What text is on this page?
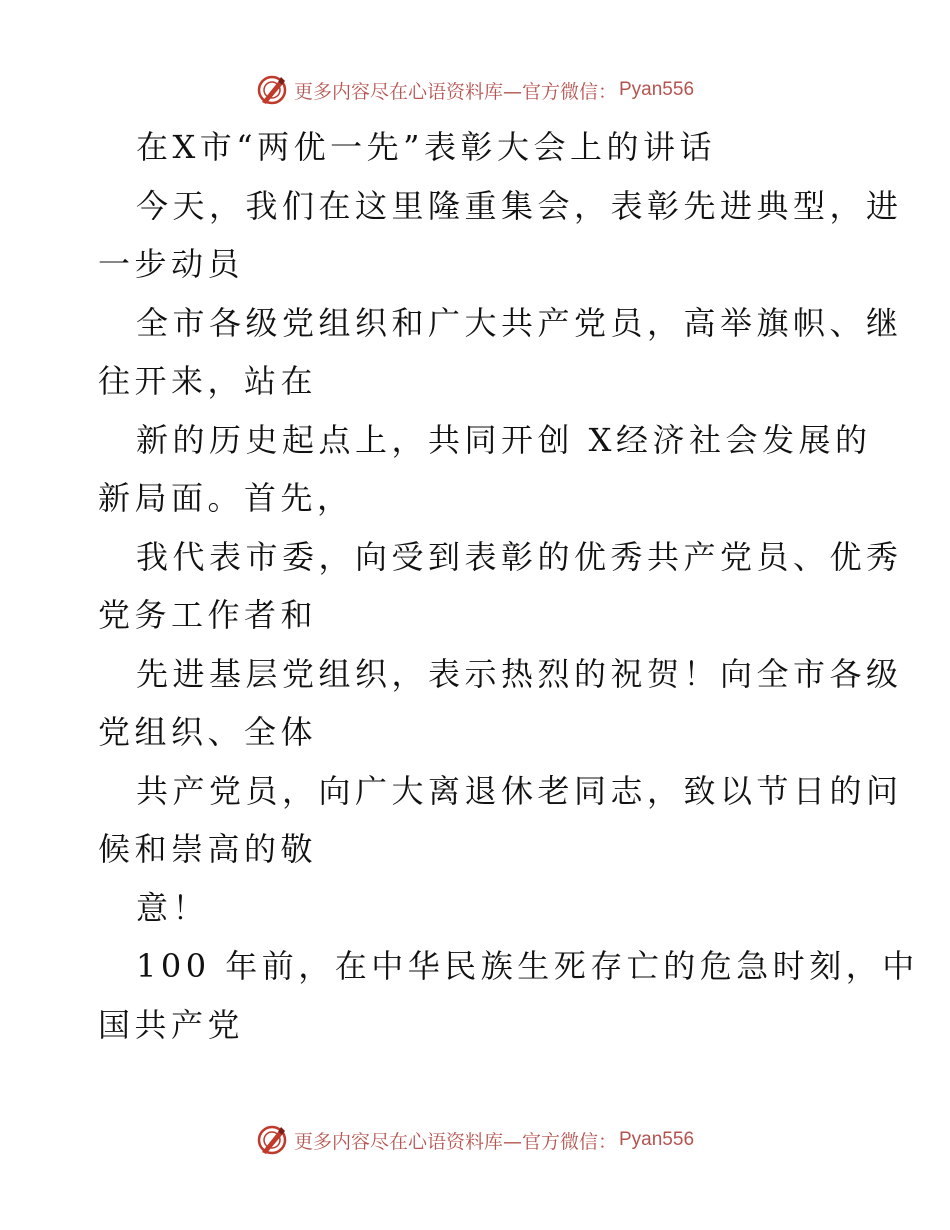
更多内容尽在心语资料库—官方微信： Pyan556

在X市“两优一先”表彰大会上的讲话

今天，我们在这里隆重集会，表彰先进典型，进

一步动员

全市各级党组织和广大共产党员，高举旗帜、继

往开来，站在

新的历史起点上，共同开创 X经济社会发展的

新局面。首先，

我代表市委，向受到表彰的优秀共产党员、优秀

党务工作者和

先进基层党组织，表示热烈的祝贺！向全市各级

党组织、全体

共产党员，向广大离退休老同志，致以节日的问

候和崇高的敬

意！

100 年前，在中华民族生死存亡的危急时刻，中

国共产党

更多内容尽在心语资料库—官方微信： Pyan556
